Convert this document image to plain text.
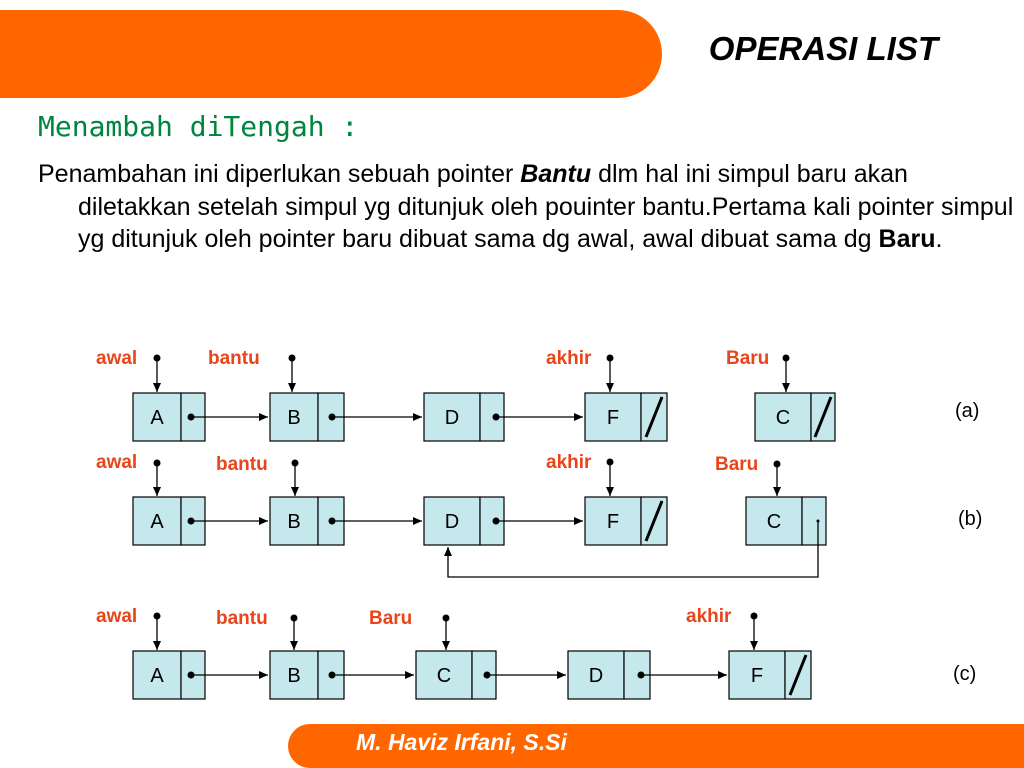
OPERASI LIST
Menambah diTengah :
Penambahan ini diperlukan sebuah pointer Bantu dlm hal ini simpul baru akan diletakkan setelah simpul yg ditunjuk oleh pouinter bantu.Pertama kali pointer simpul yg ditunjuk oleh pointer baru dibuat sama dg awal, awal dibuat sama dg Baru.
awal	bantu	akhir	Baru
A	B	D	F	C	(a)
awal	bantu	akhir	Baru
A	B	D	F	C	(b)
awal	bantu	Baru	akhir
A	B	C	D	F	(c)
M. Haviz Irfani, S.Si
